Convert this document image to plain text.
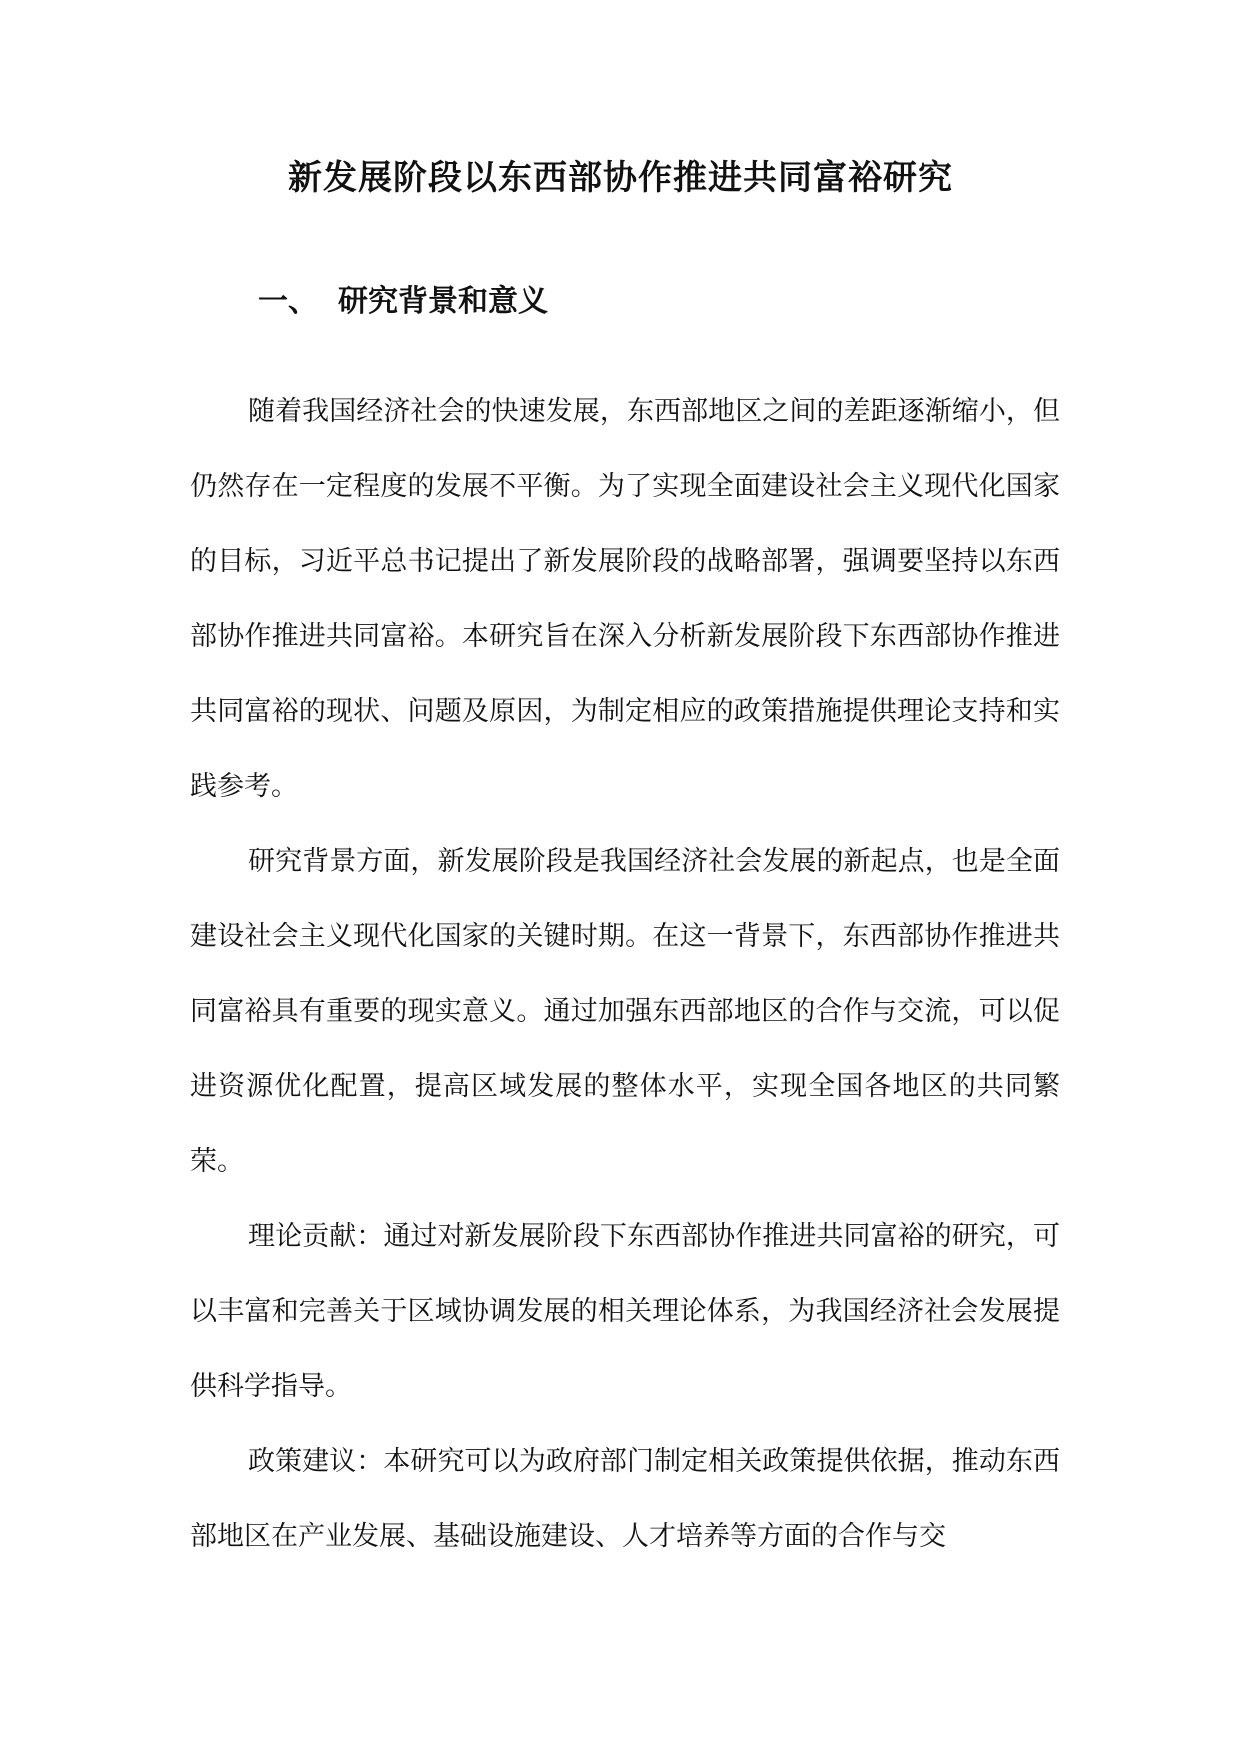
新发展阶段以东西部协作推进共同富裕研究
一、 研究背景和意义

随着我国经济社会的快速发展，东西部地区之间的差距逐渐缩小，但仍然存在一定程度的发展不平衡。为了实现全面建设社会主义现代化国家的目标，习近平总书记提出了新发展阶段的战略部署，强调要坚持以东西部协作推进共同富裕。本研究旨在深入分析新发展阶段下东西部协作推进共同富裕的现状、问题及原因，为制定相应的政策措施提供理论支持和实践参考。

研究背景方面，新发展阶段是我国经济社会发展的新起点，也是全面建设社会主义现代化国家的关键时期。在这一背景下，东西部协作推进共同富裕具有重要的现实意义。通过加强东西部地区的合作与交流，可以促进资源优化配置，提高区域发展的整体水平，实现全国各地区的共同繁荣。

理论贡献：通过对新发展阶段下东西部协作推进共同富裕的研究，可以丰富和完善关于区域协调发展的相关理论体系，为我国经济社会发展提供科学指导。

政策建议：本研究可以为政府部门制定相关政策提供依据，推动东西部地区在产业发展、基础设施建设、人才培养等方面的合作与交
